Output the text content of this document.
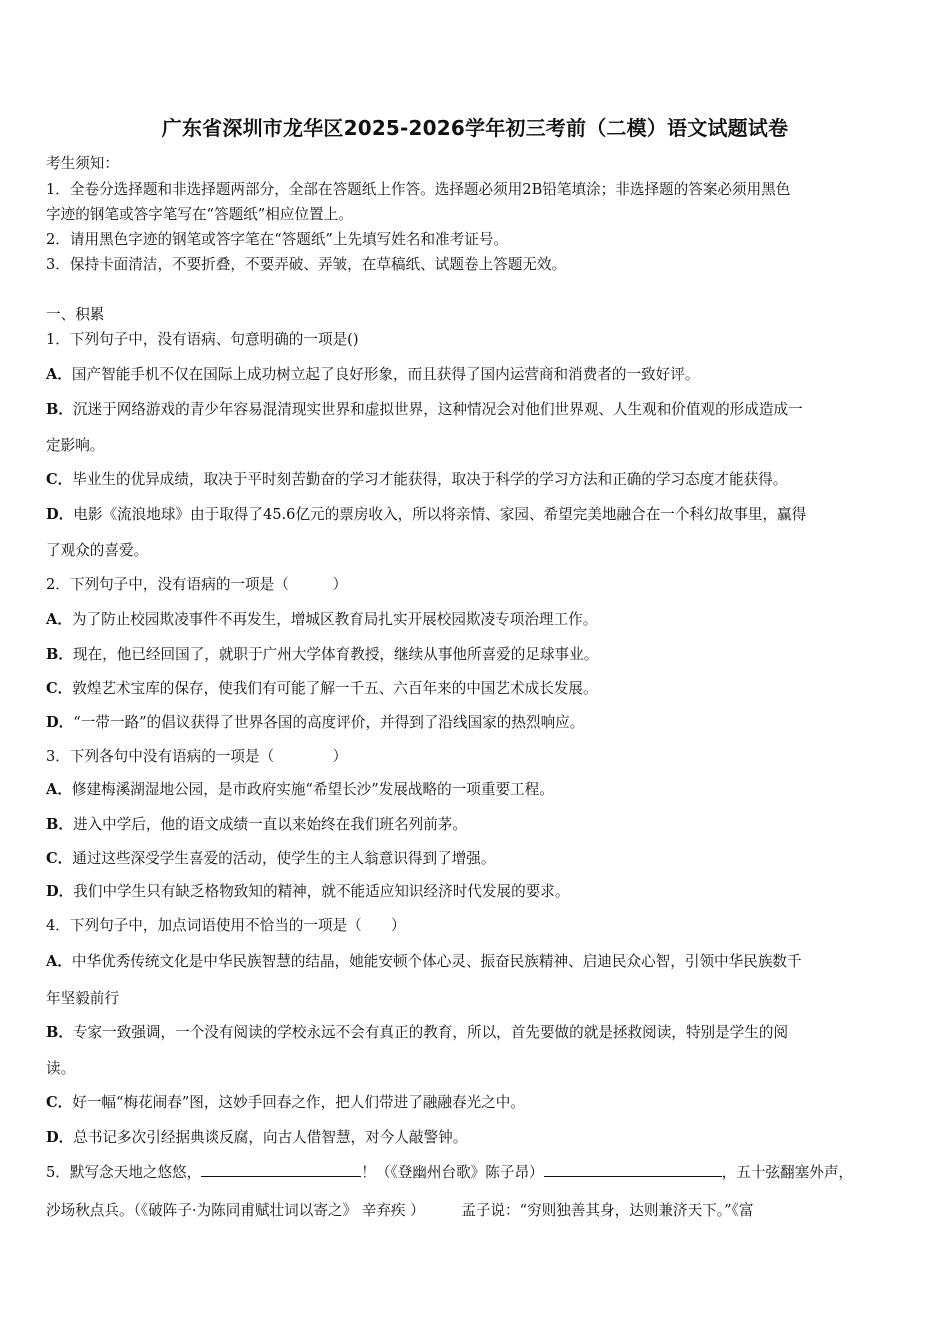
广东省深圳市龙华区2025-2026学年初三考前（二模）语文试题试卷
考生须知：
1．全卷分选择题和非选择题两部分，全部在答题纸上作答。选择题必须用2B铅笔填涂；非选择题的答案必须用黑色
字迹的钢笔或答字笔写在“答题纸”相应位置上。
2．请用黑色字迹的钢笔或答字笔在“答题纸”上先填写姓名和准考证号。
3．保持卡面清洁，不要折叠，不要弄破、弄皱，在草稿纸、试题卷上答题无效。
一、积累
1．下列句子中，没有语病、句意明确的一项是()
A．国产智能手机不仅在国际上成功树立起了良好形象，而且获得了国内运营商和消费者的一致好评。
B．沉迷于网络游戏的青少年容易混清现实世界和虚拟世界，这种情况会对他们世界观、人生观和价值观的形成造成一
定影响。
C．毕业生的优异成绩，取决于平时刻苦勤奋的学习才能获得，取决于科学的学习方法和正确的学习态度才能获得。
D．电影《流浪地球》由于取得了45.6亿元的票房收入，所以将亲情、家园、希望完美地融合在一个科幻故事里，赢得
了观众的喜爱。
2．下列句子中，没有语病的一项是（　　　）
A．为了防止校园欺凌事件不再发生，增城区教育局扎实开展校园欺凌专项治理工作。
B．现在，他已经回国了，就职于广州大学体育教授，继续从事他所喜爱的足球事业。
C．敦煌艺术宝库的保存，使我们有可能了解一千五、六百年来的中国艺术成长发展。
D．“一带一路”的倡议获得了世界各国的高度评价，并得到了沿线国家的热烈响应。
3．下列各句中没有语病的一项是（　　　　）
A．修建梅溪湖湿地公园，是市政府实施“希望长沙”发展战略的一项重要工程。
B．进入中学后，他的语文成绩一直以来始终在我们班名列前茅。
C．通过这些深受学生喜爱的活动，使学生的主人翁意识得到了增强。
D．我们中学生只有缺乏格物致知的精神，就不能适应知识经济时代发展的要求。
4．下列句子中，加点词语使用不恰当的一项是（　　）
A．中华优秀传统文化是中华民族智慧的结晶，她能安顿个体心灵、振奋民族精神、启迪民众心智，引领中华民族数千
年坚毅前行
B．专家一致强调，一个没有阅读的学校永远不会有真正的教育，所以，首先要做的就是拯救阅读，特别是学生的阅
读。
C．好一幅“梅花闹春”图，这妙手回春之作，把人们带进了融融春光之中。
D．总书记多次引经据典谈反腐，向古人借智慧，对今人敲警钟。
5．默写念天地之悠悠，	！（《登幽州台歌》陈子昂）	，五十弦翻塞外声，
沙场秋点兵。（《破阵子·为陈同甫赋壮词以寄之》 辛弃疾 ）　　　孟子说：“穷则独善其身，达则兼济天下。”《富
